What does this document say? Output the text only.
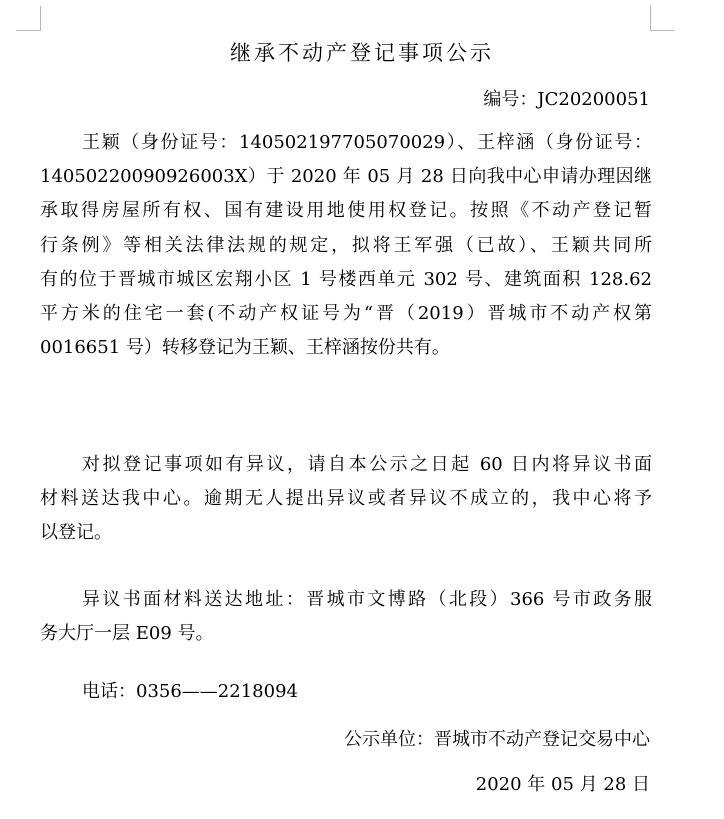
继承不动产登记事项公示
编号：JC20200051
王颖（身份证号：140502197705070029）、王梓涵（身份证号：
14050220090926003X）于 2020 年 05 月 28 日向我中心申请办理因继
承取得房屋所有权、国有建设用地使用权登记。按照《不动产登记暂
行条例》等相关法律法规的规定，拟将王军强（已故）、王颖共同所
有的位于晋城市城区宏翔小区 1 号楼西单元 302 号、建筑面积 128.62
平方米的住宅一套(不动产权证号为“晋（2019）晋城市不动产权第
0016651 号）转移登记为王颖、王梓涵按份共有。
对拟登记事项如有异议，请自本公示之日起 60 日内将异议书面
材料送达我中心。逾期无人提出异议或者异议不成立的，我中心将予
以登记。
异议书面材料送达地址：晋城市文博路（北段）366 号市政务服
务大厅一层 E09 号。
电话：0356——2218094
公示单位：晋城市不动产登记交易中心
2020 年 05 月 28 日
